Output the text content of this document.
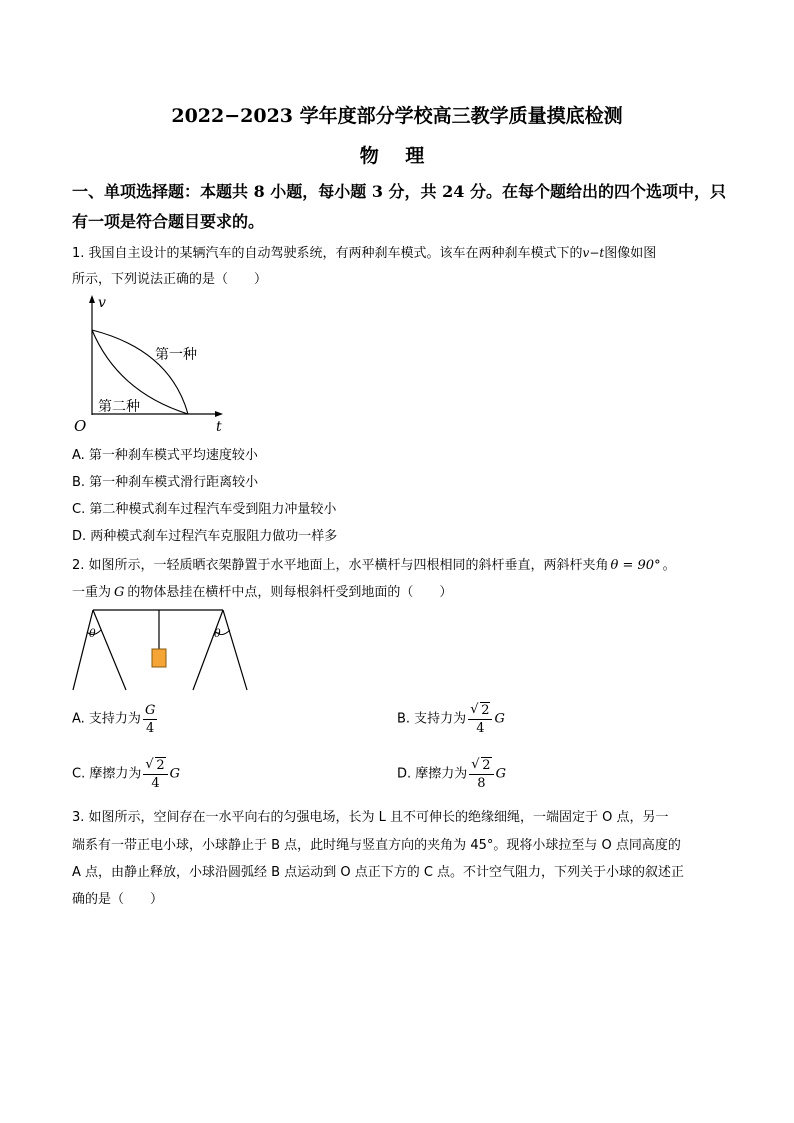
2022−2023 学年度部分学校高三教学质量摸底检测
物 理
一、单项选择题：本题共 8 小题，每小题 3 分，共 24 分。在每个题给出的四个选项中，只
有一项是符合题目要求的。
1. 我国自主设计的某辆汽车的自动驾驶系统，有两种刹车模式。该车在两种刹车模式下的v−t图像如图
所示，下列说法正确的是（　　）
v
O	t
第一种
第二种
A. 第一种刹车模式平均速度较小
B. 第一种刹车模式滑行距离较小
C. 第二种模式刹车过程汽车受到阻力冲量较小
D. 两种模式刹车过程汽车克服阻力做功一样多
2. 如图所示，一轻质晒衣架静置于水平地面上，水平横杆与四根相同的斜杆垂直，两斜杆夹角 θ = 90° 。
一重为 G 的物体悬挂在横杆中点，则每根斜杆受到地面的（　　）
θ	θ
A. 支持力为 $\frac{G}{4}$	B. 支持力为 √ $\frac{2}{4}$ G
C. 摩擦力为 √ $\frac{2}{4}$ G	D. 摩擦力为 √ $\frac{2}{8}$ G
3. 如图所示，空间存在一水平向右的匀强电场，长为 L 且不可伸长的绝缘细绳，一端固定于 O 点，另一
端系有一带正电小球，小球静止于 B 点，此时绳与竖直方向的夹角为 45°。现将小球拉至与 O 点同高度的
A 点，由静止释放，小球沿圆弧经 B 点运动到 O 点正下方的 C 点。不计空气阻力，下列关于小球的叙述正
确的是（　　）
